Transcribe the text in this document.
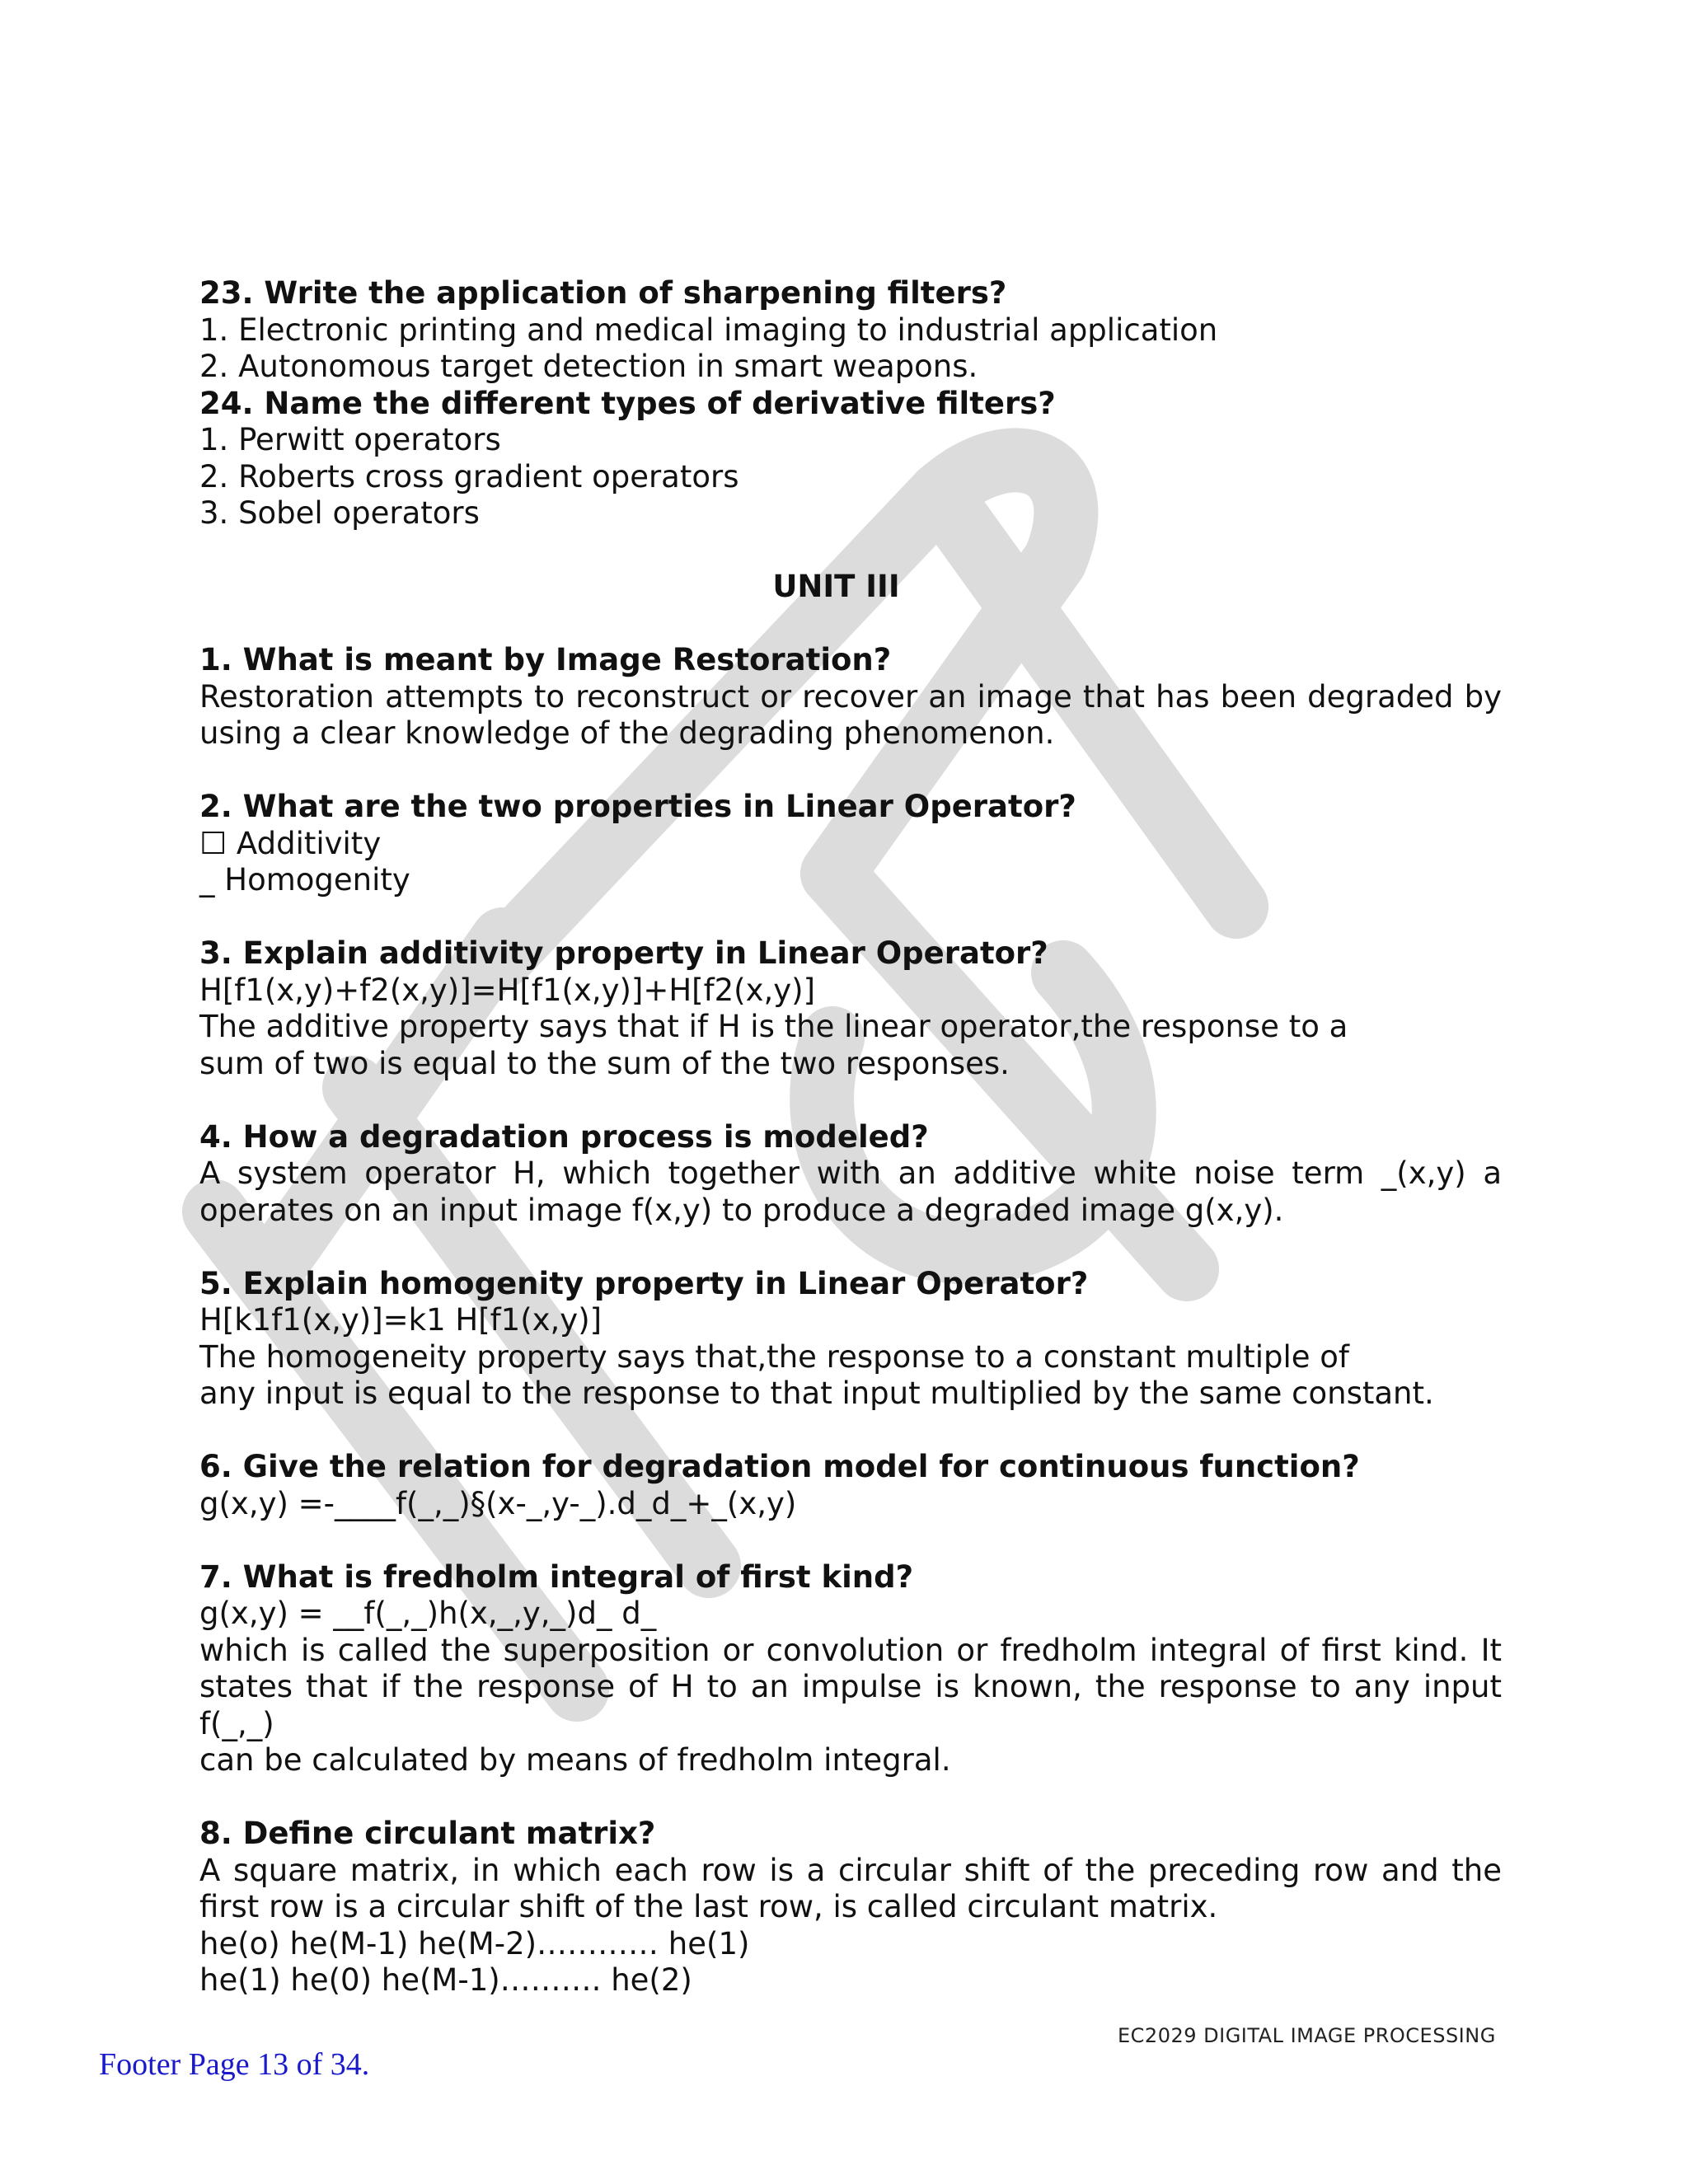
23. Write the application of sharpening filters?

1. Electronic printing and medical imaging to industrial application

2. Autonomous target detection in smart weapons.

24. Name the different types of derivative filters?

1. Perwitt operators

2. Roberts cross gradient operators

3. Sobel operators

UNIT III

1. What is meant by Image Restoration?

Restoration attempts to reconstruct or recover an image that has been degraded by using a clear knowledge of the degrading phenomenon.

2. What are the two properties in Linear Operator?

☐ Additivity

_ Homogenity

3. Explain additivity property in Linear Operator?

H[f1(x,y)+f2(x,y)]=H[f1(x,y)]+H[f2(x,y)]

The additive property says that if H is the linear operator,the response to a

sum of two is equal to the sum of the two responses.

4. How a degradation process is modeled?

A system operator H, which together with an additive white noise term _(x,y) a operates on an input image f(x,y) to produce a degraded image g(x,y).

5. Explain homogenity property in Linear Operator?

H[k1f1(x,y)]=k1 H[f1(x,y)]

The homogeneity property says that,the response to a constant multiple of

any input is equal to the response to that input multiplied by the same constant.

6. Give the relation for degradation model for continuous function?

g(x,y) =-____f(_,_)§(x-_,y-_).d_d_+_(x,y)

7. What is fredholm integral of first kind?

g(x,y) = __f(_,_)h(x,_,y,_)d_ d_

which is called the superposition or convolution or fredholm integral of first kind. It states that if the response of H to an impulse is known, the response to any input f(_,_)

can be calculated by means of fredholm integral.

8. Define circulant matrix?

A square matrix, in which each row is a circular shift of the preceding row and the first row is a circular shift of the last row, is called circulant matrix.

he(o) he(M-1) he(M-2)………… he(1)

he(1) he(0) he(M-1)………. he(2)

EC2029 DIGITAL IMAGE PROCESSING
Footer Page 13 of 34.
